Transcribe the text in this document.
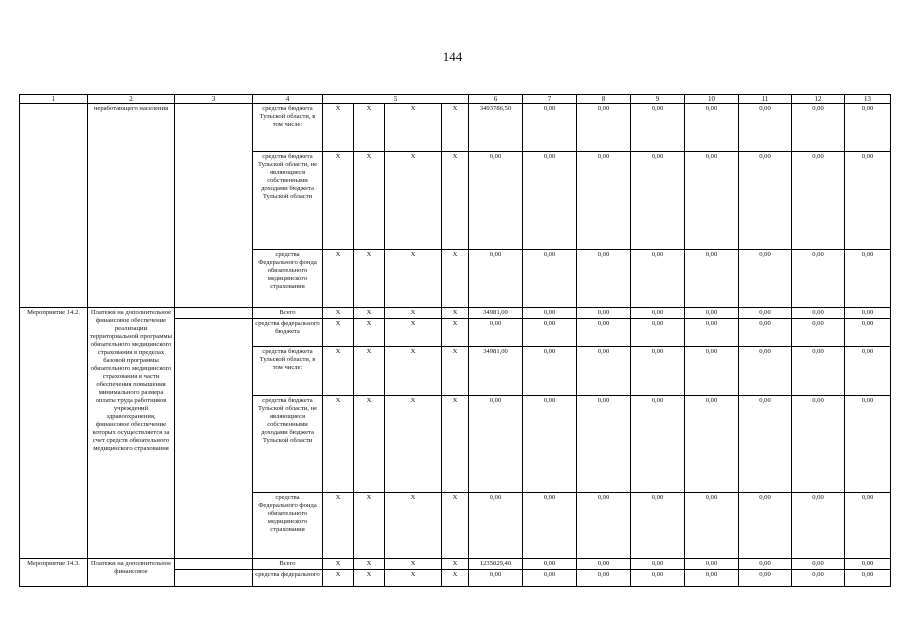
144
1	2	3	4	5				6	7	8	9	10	11	12	13
	неработающего населения		средства бюджета Тульской области, в том числе:	X	X	X	X	3493786,50	0,00	0,00	0,00	0,00	0,00	0,00	0,00
			средства бюджета Тульской области, не являющиеся собственными доходами бюджета Тульской области	X	X	X	X	0,00	0,00	0,00	0,00	0,00	0,00	0,00	0,00
			средства Федерального фонда обязательного медицинского страхования	X	X	X	X	0,00	0,00	0,00	0,00	0,00	0,00	0,00	0,00
Мероприятие 14.2.	Платежи на дополнительное финансовое обеспечение реализации территориальной программы обязательного медицинского страхования в пределах базовой программы обязательного медицинского страхования в части обеспечения повышения минимального размера оплаты труда работников учреждений здравоохранения, финансовое обеспечение которых осуществляется за счет средств обязательного медицинского страхования		Всего	X	X	X	X	34981,00	0,00	0,00	0,00	0,00	0,00	0,00	0,00
			средства федерального бюджета	X	X	X	X	0,00	0,00	0,00	0,00	0,00	0,00	0,00	0,00
			средства бюджета Тульской области, в том числе:	X	X	X	X	34981,00	0,00	0,00	0,00	0,00	0,00	0,00	0,00
			средства бюджета Тульской области, не являющиеся собственными доходами бюджета Тульской области	X	X	X	X	0,00	0,00	0,00	0,00	0,00	0,00	0,00	0,00
			средства Федерального фонда обязательного медицинского страхования	X	X	X	X	0,00	0,00	0,00	0,00	0,00	0,00	0,00	0,00
Мероприятие 14.3.	Платежи на дополнительное финансовое		Всего	X	X	X	X	1235029,40	0,00	0,00	0,00	0,00	0,00	0,00	0,00
			средства федерального	X	X	X	X	0,00	0,00	0,00	0,00	0,00	0,00	0,00	0,00
